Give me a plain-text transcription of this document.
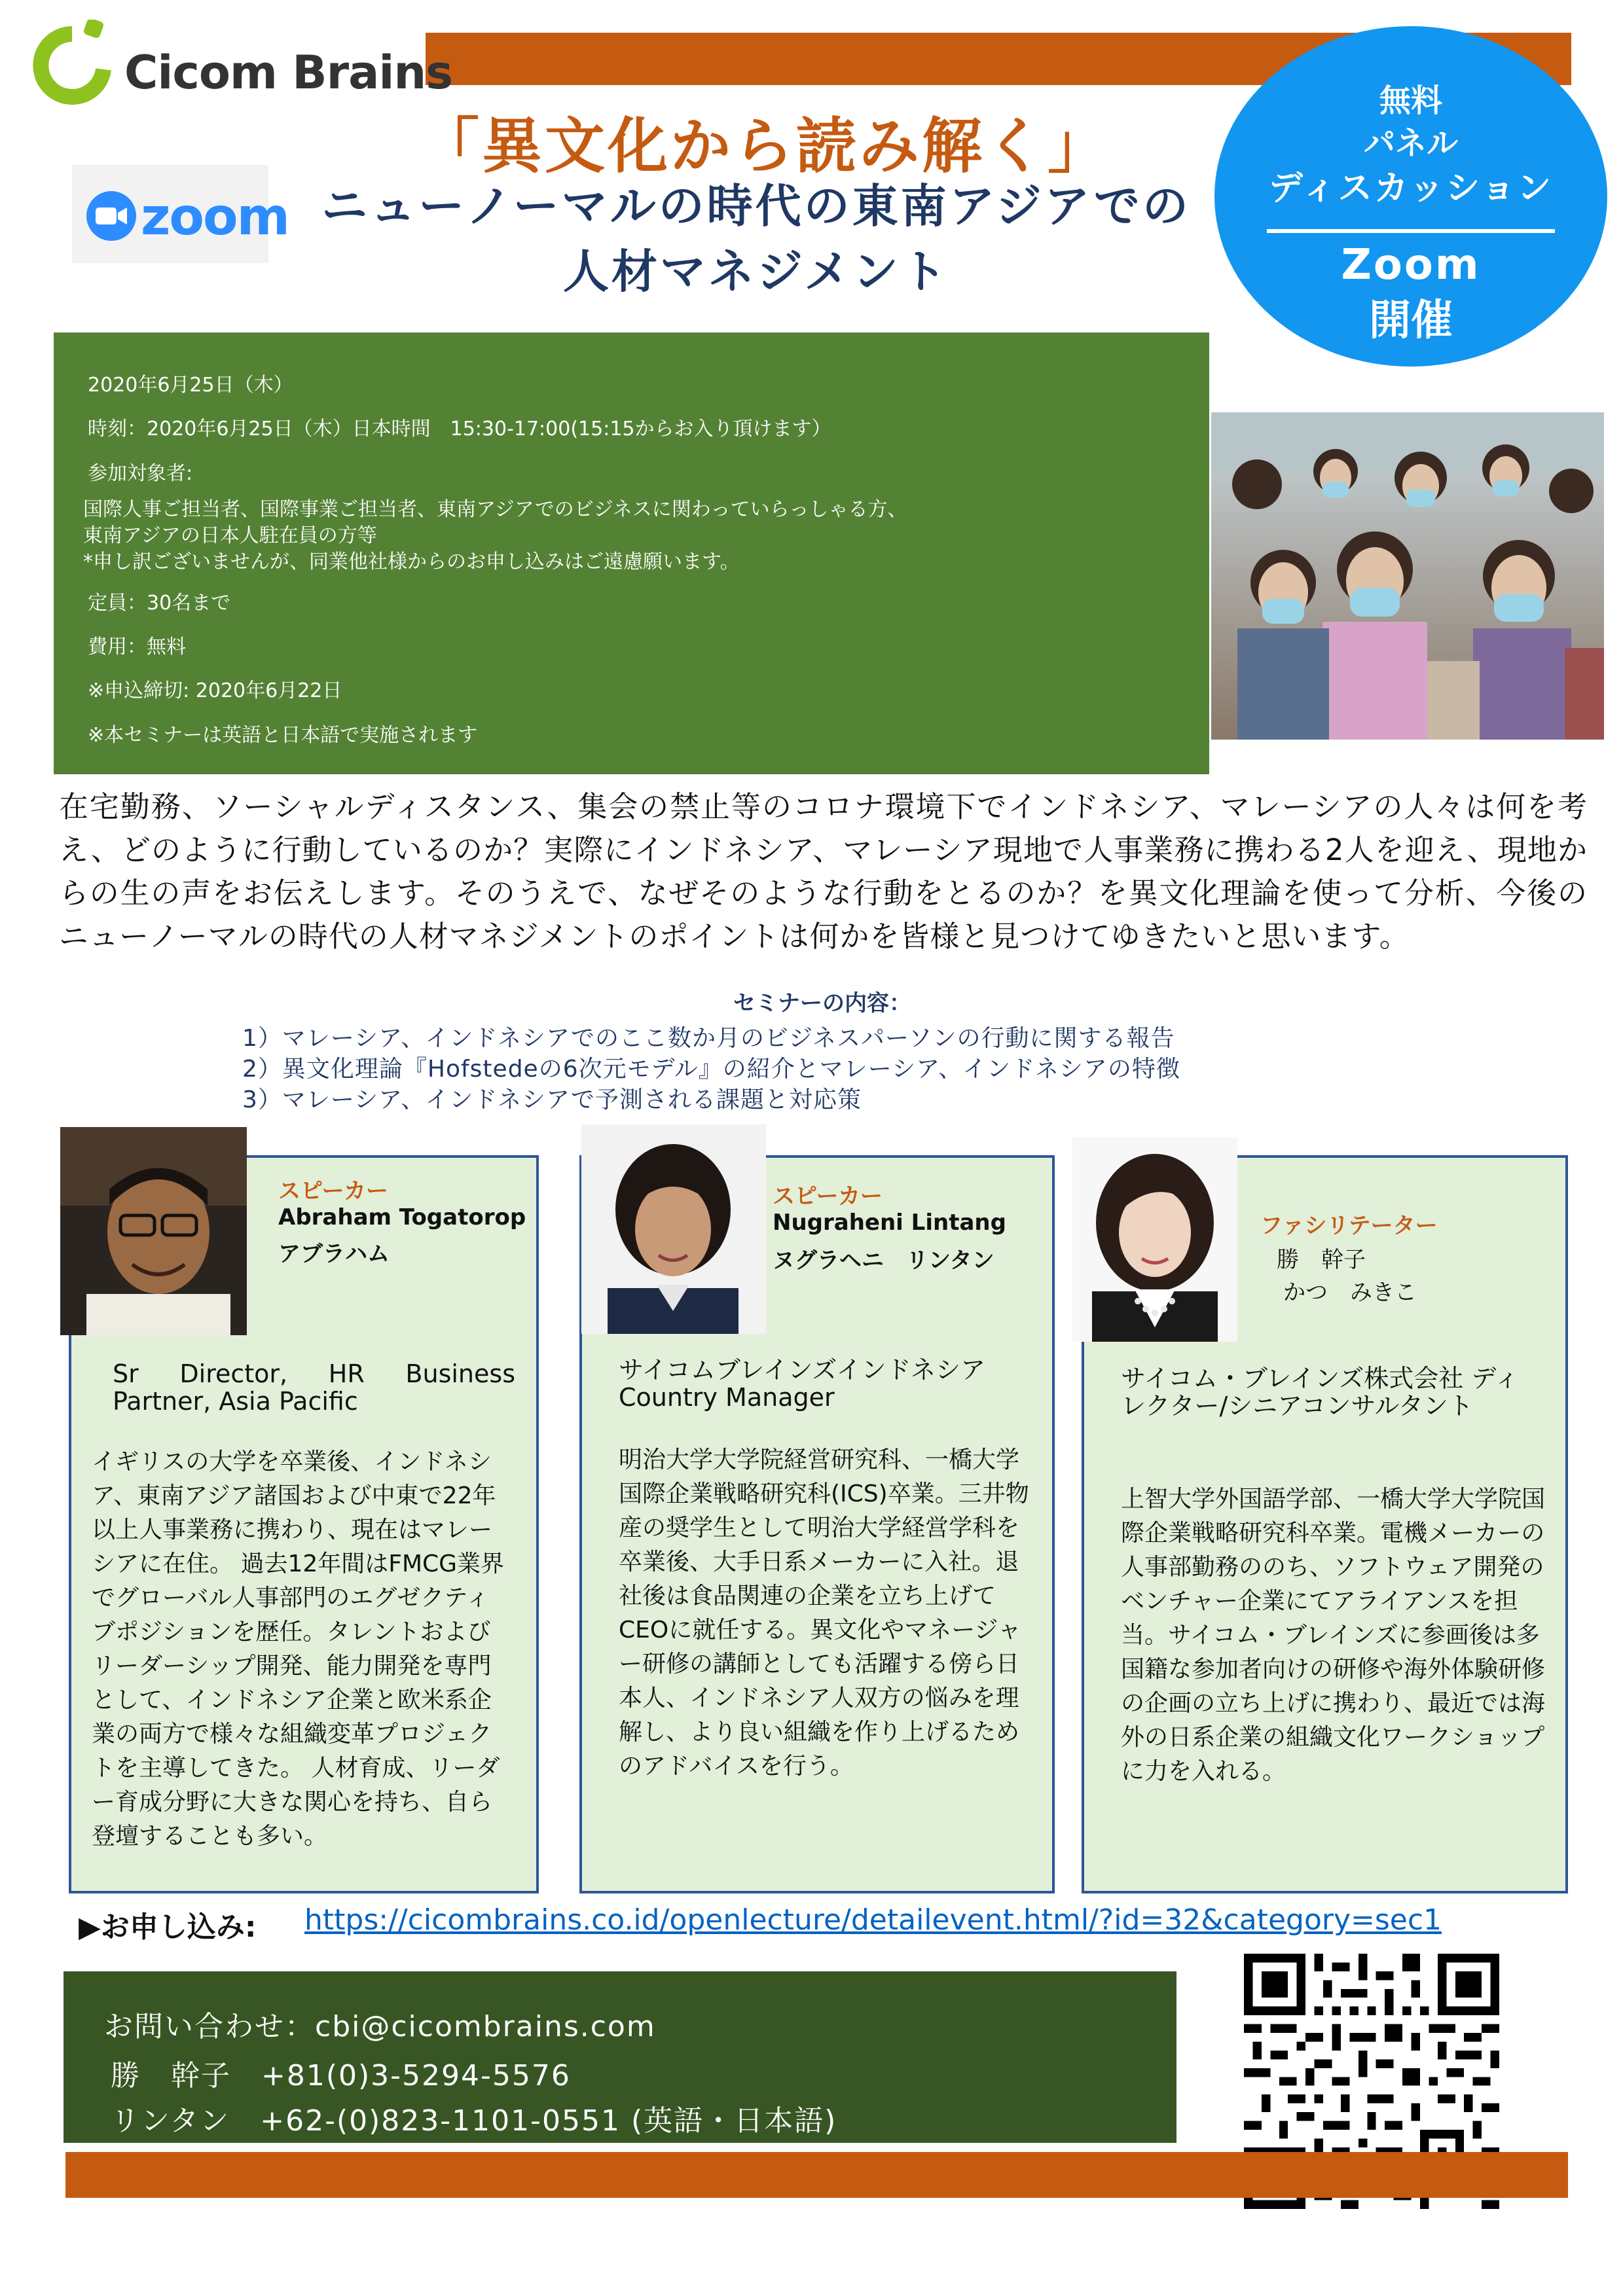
Cicom Brains
「異文化から読み解く」
zoom ニューノーマルの時代の東南アジアでの
人材マネジメント
無料
パネル
ディスカッション
Zoom
開催
2020年6月25日（木）
時刻：2020年6月25日（木）日本時間　15:30-17:00(15:15からお入り頂けます）
参加対象者:
国際人事ご担当者、国際事業ご担当者、東南アジアでのビジネスに関わっていらっしゃる方、
東南アジアの日本人駐在員の方等
*申し訳ございませんが、同業他社様からのお申し込みはご遠慮願います。
定員：30名まで
費用：無料
※申込締切: 2020年6月22日
※本セミナーは英語と日本語で実施されます
在宅勤務、ソーシャルディスタンス、集会の禁止等のコロナ環境下でインドネシア、マレーシアの人々は何を考え、どのように行動しているのか？実際にインドネシア、マレーシア現地で人事業務に携わる2人を迎え、現地からの生の声をお伝えします。そのうえで、なぜそのような行動をとるのか？を異文化理論を使って分析、今後のニューノーマルの時代の人材マネジメントのポイントは何かを皆様と見つけてゆきたいと思います。
セミナーの内容：
1）マレーシア、インドネシアでのここ数か月のビジネスパーソンの行動に関する報告
2）異文化理論『Hofstedeの6次元モデル』の紹介とマレーシア、インドネシアの特徴
3）マレーシア、インドネシアで予測される課題と対応策
スピーカー
Abraham Togatorop
アブラハム
Sr Director, HR Business Partner, Asia Pacific
イギリスの大学を卒業後、インドネシア、東南アジア諸国および中東で22年以上人事業務に携わり、現在はマレーシアに在住。 過去12年間はFMCG業界でグローバル人事部門のエグゼクティブポジションを歴任。タレントおよびリーダーシップ開発、能力開発を専門として、インドネシア企業と欧米系企業の両方で様々な組織変革プロジェクトを主導してきた。 人材育成、リーダー育成分野に大きな関心を持ち、自ら登壇することも多い。
スピーカー
Nugraheni Lintang
ヌグラヘニ　リンタン
サイコムブレインズインドネシア Country Manager
明治大学大学院経営研究科、一橋大学国際企業戦略研究科(ICS)卒業。三井物産の奨学生として明治大学経営学科を卒業後、大手日系メーカーに入社。退社後は食品関連の企業を立ち上げてCEOに就任する。異文化やマネージャー研修の講師としても活躍する傍ら日本人、インドネシア人双方の悩みを理解し、より良い組織を作り上げるためのアドバイスを行う。
ファシリテーター
勝　幹子
かつ　みきこ
サイコム・ブレインズ株式会社 ディレクター/シニアコンサルタント
上智大学外国語学部、一橋大学大学院国際企業戦略研究科卒業。電機メーカーの人事部勤務ののち、ソフトウェア開発のベンチャー企業にてアライアンスを担当。サイコム・ブレインズに参画後は多国籍な参加者向けの研修や海外体験研修の企画の立ち上げに携わり、最近では海外の日系企業の組織文化ワークショップに力を入れる。
▶お申し込み: https://cicombrains.co.id/openlecture/detailevent.html/?id=32&category=sec1
お問い合わせ：cbi@cicombrains.com
勝　幹子　+81(0)3-5294-5576
リンタン　+62-(0)823-1101-0551 (英語・日本語)
